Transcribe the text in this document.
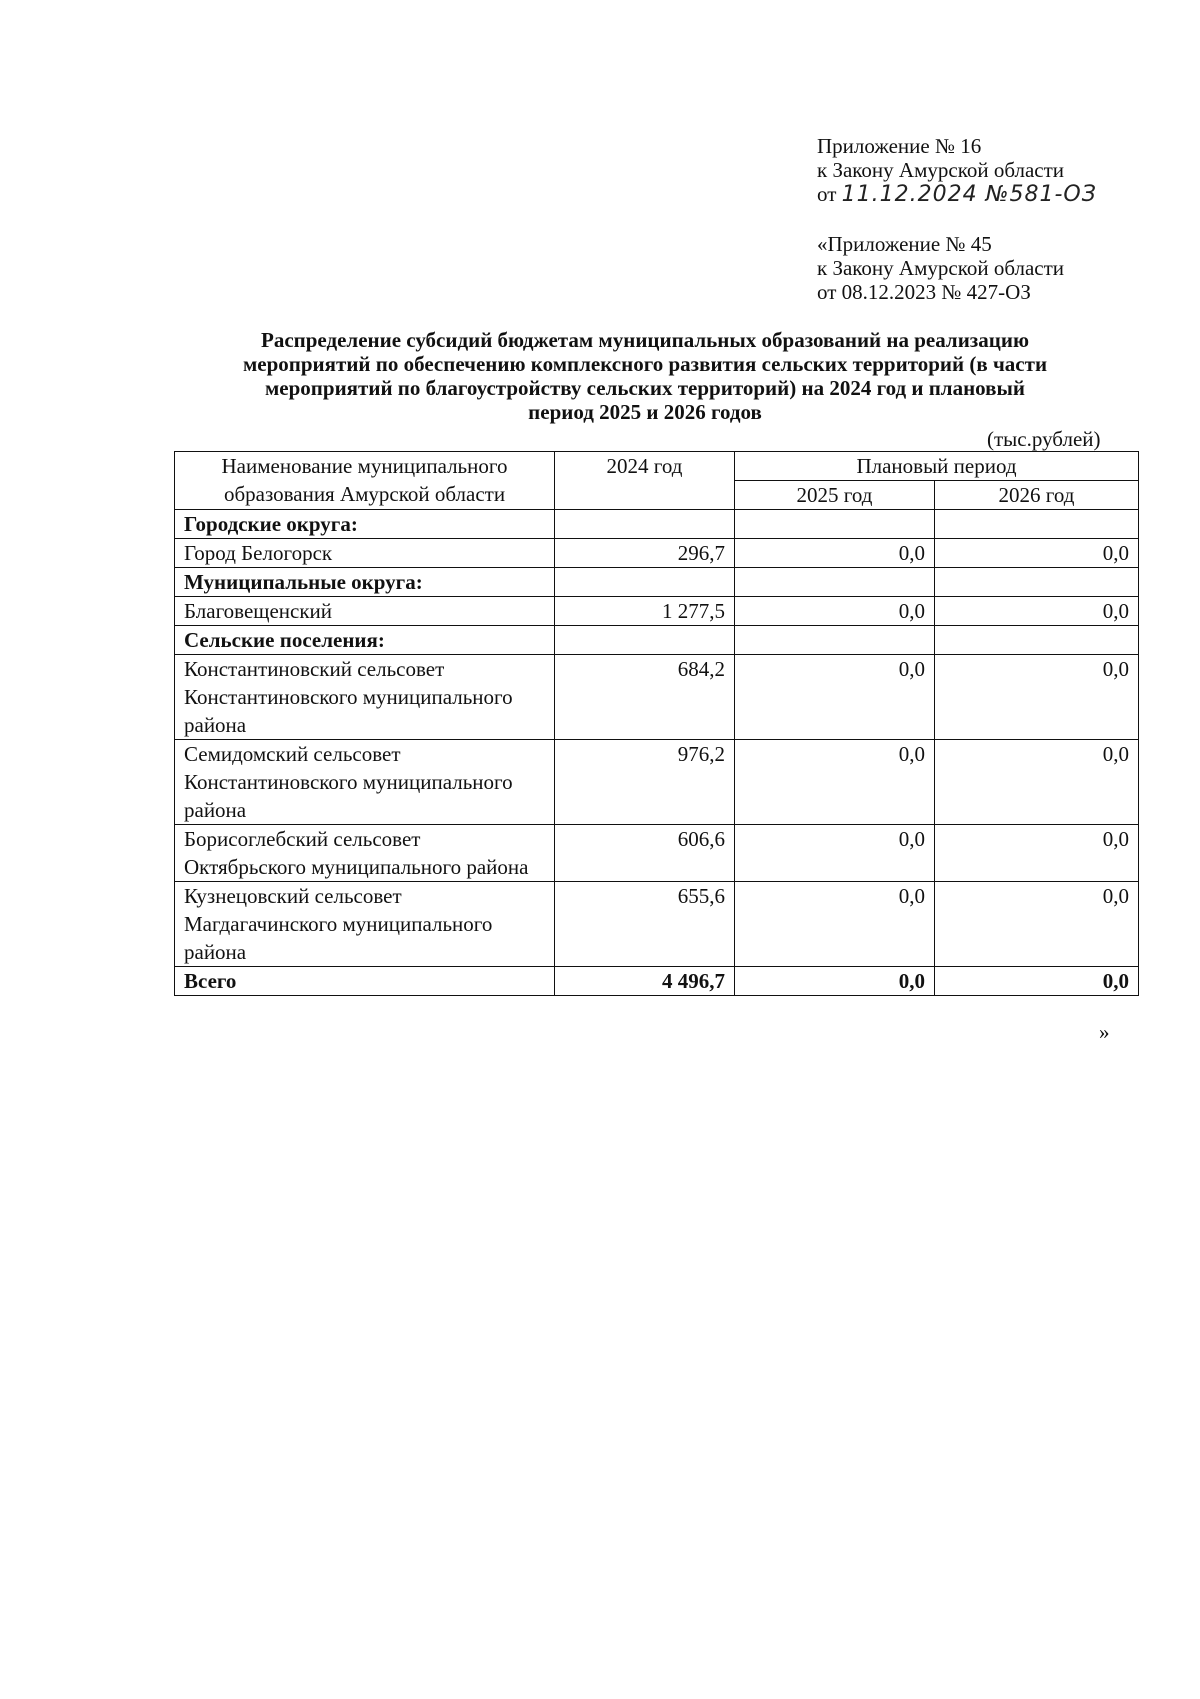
Приложение № 16
к Закону Амурской области
от 11.12.2024 №581-ОЗ
«Приложение № 45
к Закону Амурской области
от 08.12.2023 № 427-ОЗ
Распределение субсидий бюджетам муниципальных образований на реализацию
мероприятий по обеспечению комплексного развития сельских территорий (в части
мероприятий по благоустройству сельских территорий) на 2024 год и плановый
период 2025 и 2026 годов
(тыс.рублей)
Наименование муниципального образования Амурской области	2024 год	Плановый период	
		2025 год	2026 год
Городские округа:			
Город Белогорск	296,7	0,0	0,0
Муниципальные округа:			
Благовещенский	1 277,5	0,0	0,0
Сельские поселения:			
Константиновский сельсовет Константиновского муниципального района	684,2	0,0	0,0
Семидомский сельсовет Константиновского муниципального района	976,2	0,0	0,0
Борисоглебский сельсовет Октябрьского муниципального района	606,6	0,0	0,0
Кузнецовский сельсовет Магдагачинского муниципального района	655,6	0,0	0,0
Всего	4 496,7	0,0	0,0
»
